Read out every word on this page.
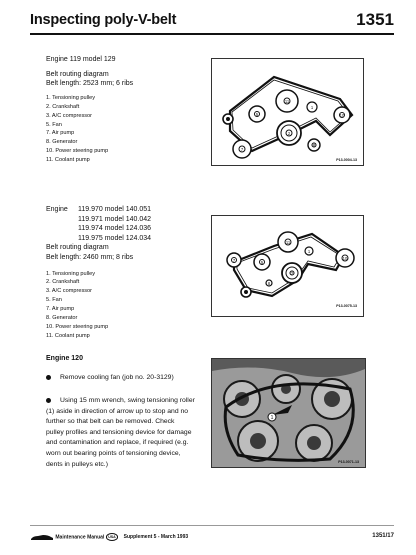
Inspecting poly-V-belt	1351

Engine 119 model 129

Belt routing diagram

Belt length: 2523 mm; 6 ribs

1. Tensioning pulley

2. Crankshaft

3. A/C compressor

5. Fan

7. Air pump

8. Generator

10. Power steering pump

11. Coolant pump

11
5
1
10
2
7
8
3
P13-0004-13
Engine	119.970 model 140.051

119.971 model 140.042

119.974 model 124.036

119.975 model 124.034

Belt routing diagram

Belt length: 2460 mm; 8 ribs

1. Tensioning pulley

2. Crankshaft

3. A/C compressor

5. Fan

7. Air pump

8. Generator

10. Power steering pump

11. Coolant pump

7	5
11
1
10
2
8
3
P13-0075-13
Engine 120
Remove cooling fan (job no. 20-3129)
Using 15 mm wrench, swing tensioning roller
(1) aside in direction of arrow up to stop and no
further so that belt can be removed. Check
pulley profiles and tensioning device for damage
and contamination and replace, if required (e.g.
worn out bearing points of tensioning device,
dents in pulleys etc.)
1
P13-0071-13
Maintenance Manual USA Supplement 5 - March 1993	1351/17
